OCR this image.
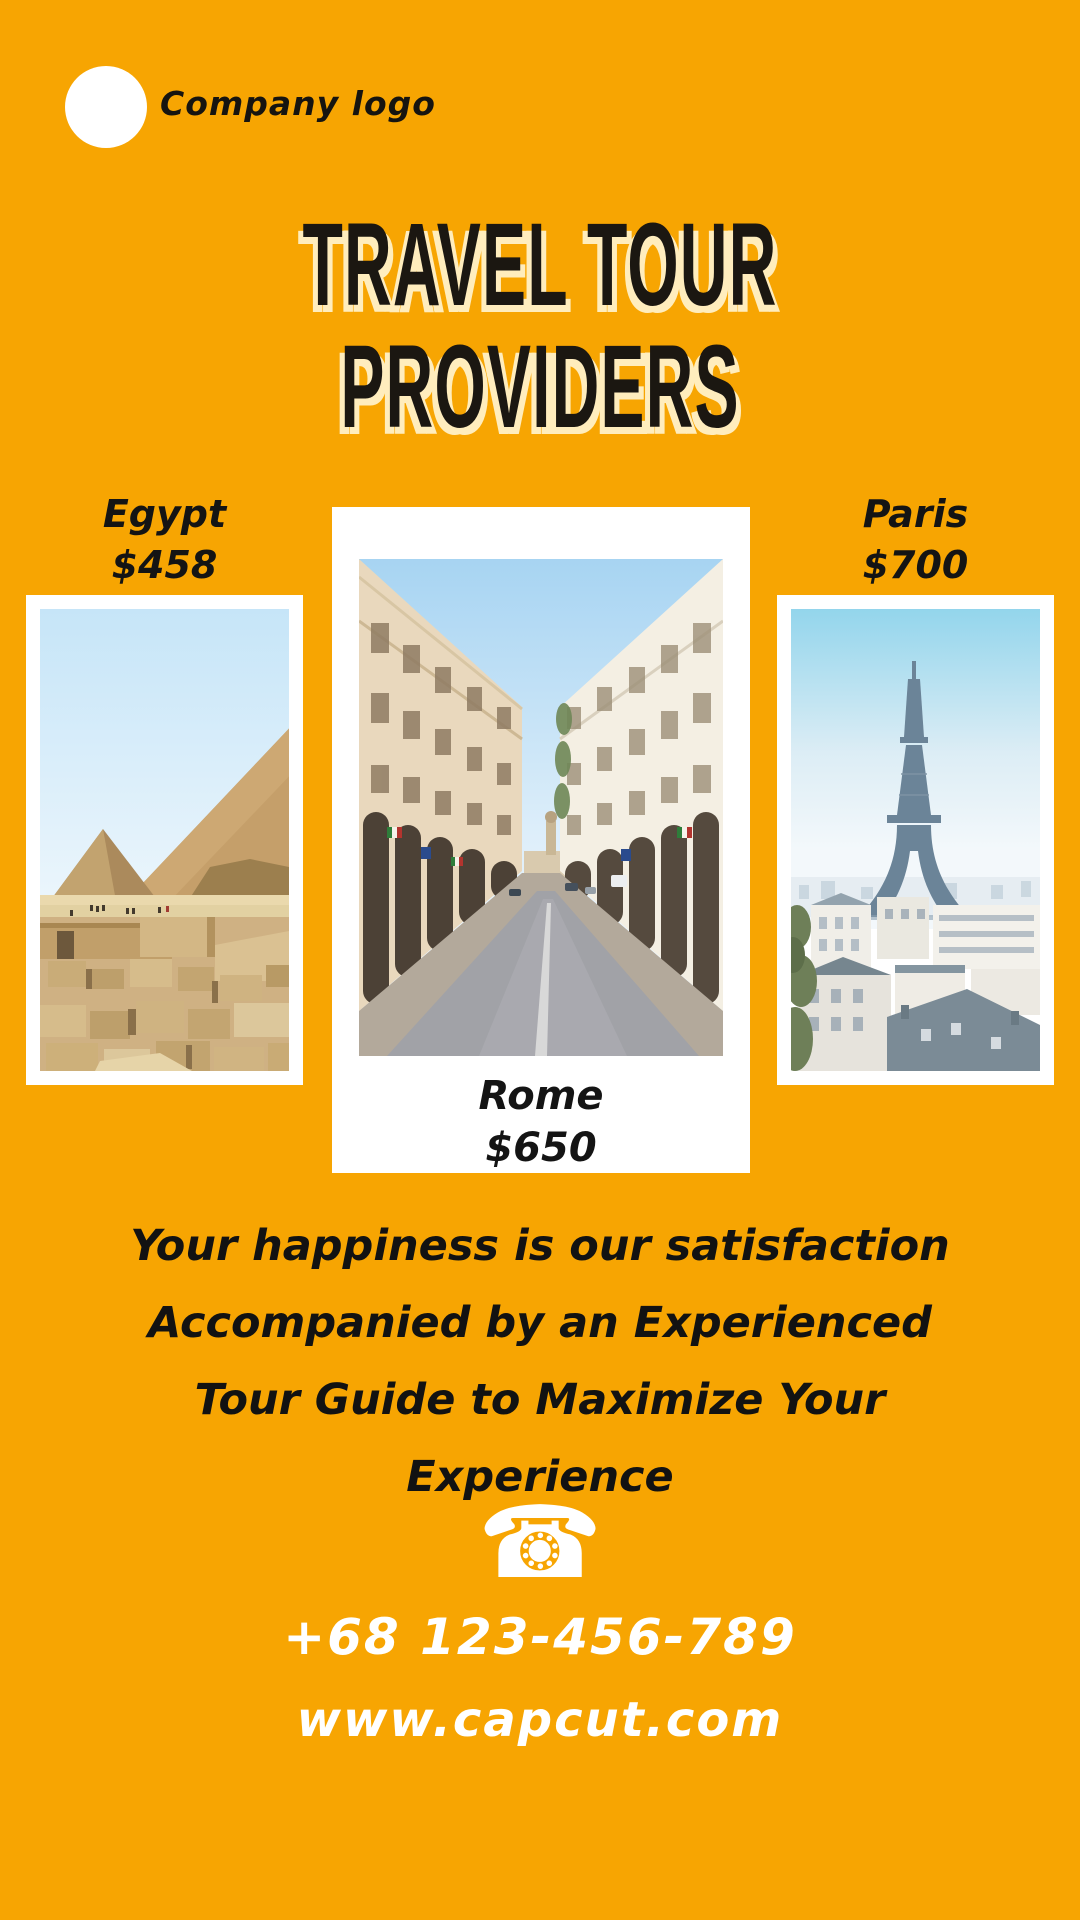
Company logo
TRAVEL TOUR
PROVIDERS
Egypt
$458
Paris
$700
Rome
$650
Your happiness is our satisfaction
Accompanied by an Experienced
Tour Guide to Maximize Your
Experience
☎
+68 123-456-789
www.capcut.com
